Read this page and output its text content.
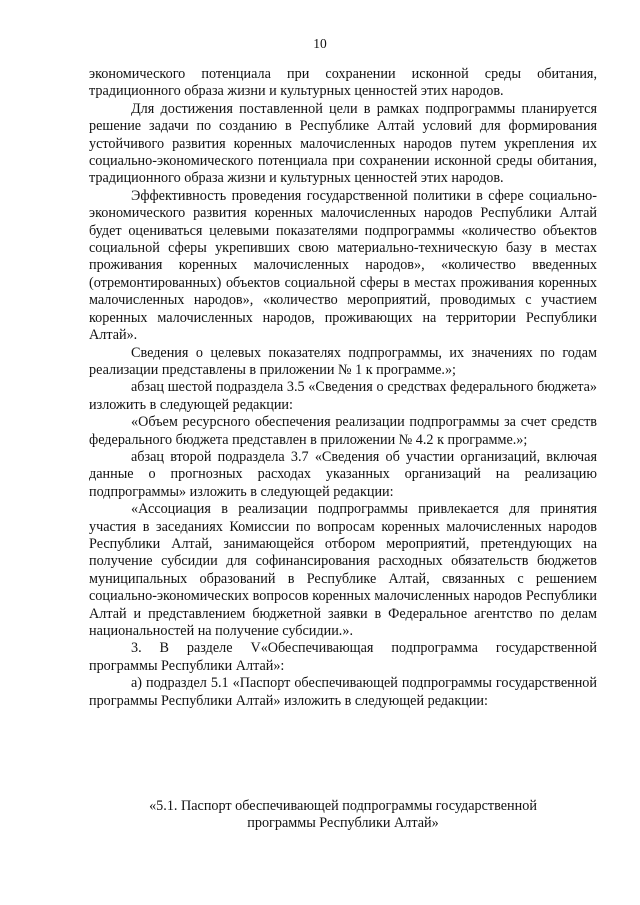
10

экономического потенциала при сохранении исконной среды обитания, традиционного образа жизни и культурных ценностей этих народов.

Для достижения поставленной цели в рамках подпрограммы планируется решение задачи по созданию в Республике Алтай условий для формирования устойчивого развития коренных малочисленных народов путем укрепления их социально-экономического потенциала при сохранении исконной среды обитания, традиционного образа жизни и культурных ценностей этих народов.

Эффективность проведения государственной политики в сфере социально-экономического развития коренных малочисленных народов Республики Алтай будет оцениваться целевыми показателями подпрограммы «количество объектов социальной сферы укрепивших свою материально-техническую базу в местах проживания коренных малочисленных народов», «количество введенных (отремонтированных) объектов социальной сферы в местах проживания коренных малочисленных народов», «количество мероприятий, проводимых с участием коренных малочисленных народов, проживающих на территории Республики Алтай».

Сведения о целевых показателях подпрограммы, их значениях по годам реализации представлены в приложении № 1 к программе.»;

абзац шестой подраздела 3.5 «Сведения о средствах федерального бюджета» изложить в следующей редакции:

«Объем ресурсного обеспечения реализации подпрограммы за счет средств федерального бюджета представлен в приложении № 4.2 к программе.»;

абзац второй подраздела 3.7 «Сведения об участии организаций, включая данные о прогнозных расходах указанных организаций на реализацию подпрограммы» изложить в следующей редакции:

«Ассоциация в реализации подпрограммы привлекается для принятия участия в заседаниях Комиссии по вопросам коренных малочисленных народов Республики Алтай, занимающейся отбором мероприятий, претендующих на получение субсидии для софинансирования расходных обязательств бюджетов муниципальных образований в Республике Алтай, связанных с решением социально-экономических вопросов коренных малочисленных народов Республики Алтай и представлением бюджетной заявки в Федеральное агентство по делам национальностей на получение субсидии.».

3. В разделе V«Обеспечивающая подпрограмма государственной программы Республики Алтай»:

а) подраздел 5.1 «Паспорт обеспечивающей подпрограммы государственной программы Республики Алтай» изложить в следующей редакции:

«5.1. Паспорт обеспечивающей подпрограммы государственной
программы Республики Алтай»
